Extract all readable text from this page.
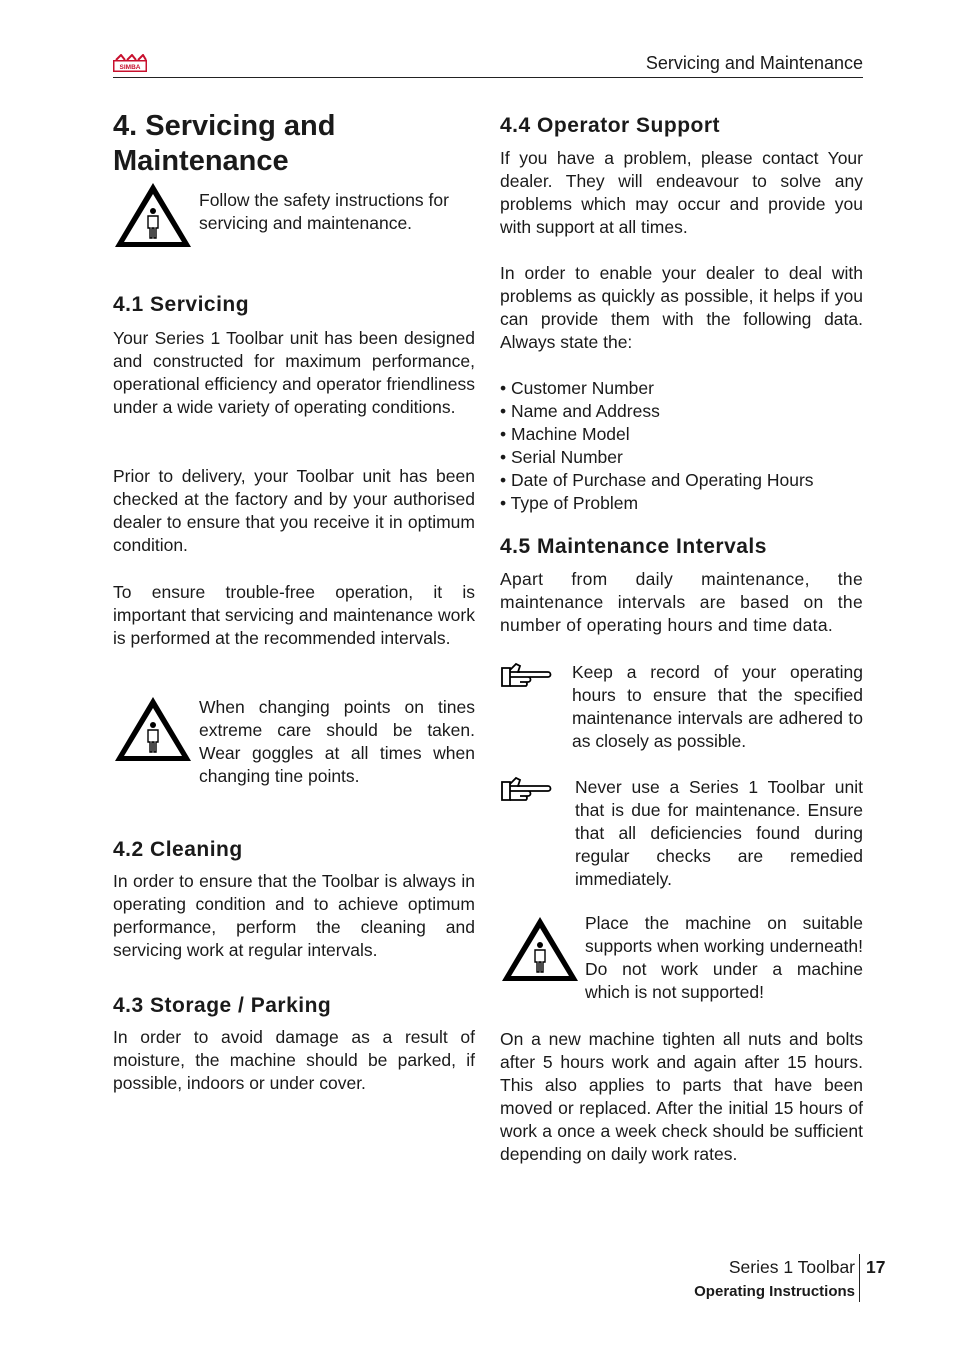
SIMBA	Servicing and Maintenance
4. Servicing and
Maintenance

Follow the safety instructions for servicing and maintenance.

4.1 Servicing

Your Series 1 Toolbar unit has been designed and constructed for maximum performance, operational efficiency and operator friendliness under a wide variety of operating conditions.

Prior to delivery, your Toolbar unit has been checked at the factory and by your authorised dealer to ensure that you receive it in optimum condition.

To ensure trouble-free operation, it is important that servicing and maintenance work is performed at the recommended intervals.

When changing points on tines extreme care should be taken. Wear goggles at all times when changing tine points.

4.2 Cleaning

In order to ensure that the Toolbar is always in operating condition and to achieve optimum performance, perform the cleaning and servicing work at regular intervals.

4.3 Storage / Parking

In order to avoid damage as a result of moisture, the machine should be parked, if possible, indoors or under cover.

4.4 Operator Support

If you have a problem, please contact Your dealer. They will endeavour to solve any problems which may occur and provide you with support at all times.

In order to enable your dealer to deal with problems as quickly as possible, it helps if you can provide them with the following data. Always state the:

• Customer Number
• Name and Address
• Machine Model
• Serial Number
• Date of Purchase and Operating Hours
• Type of Problem
4.5 Maintenance Intervals

Apart from daily maintenance, the maintenance intervals are based on the number of operating hours and time data.

Keep a record of your operating hours to ensure that the specified maintenance intervals are adhered to as closely as possible.

Never use a Series 1 Toolbar unit that is due for maintenance. Ensure that all deficiencies found during regular checks are remedied immediately.

Place the machine on suitable supports when working underneath! Do not work under a machine which is not supported!

On a new machine tighten all nuts and bolts after 5 hours work and again after 15 hours. This also applies to parts that have been moved or replaced. After the initial 15 hours of work a once a week check should be sufficient depending on daily work rates.

Series 1 Toolbar
Operating Instructions
17
